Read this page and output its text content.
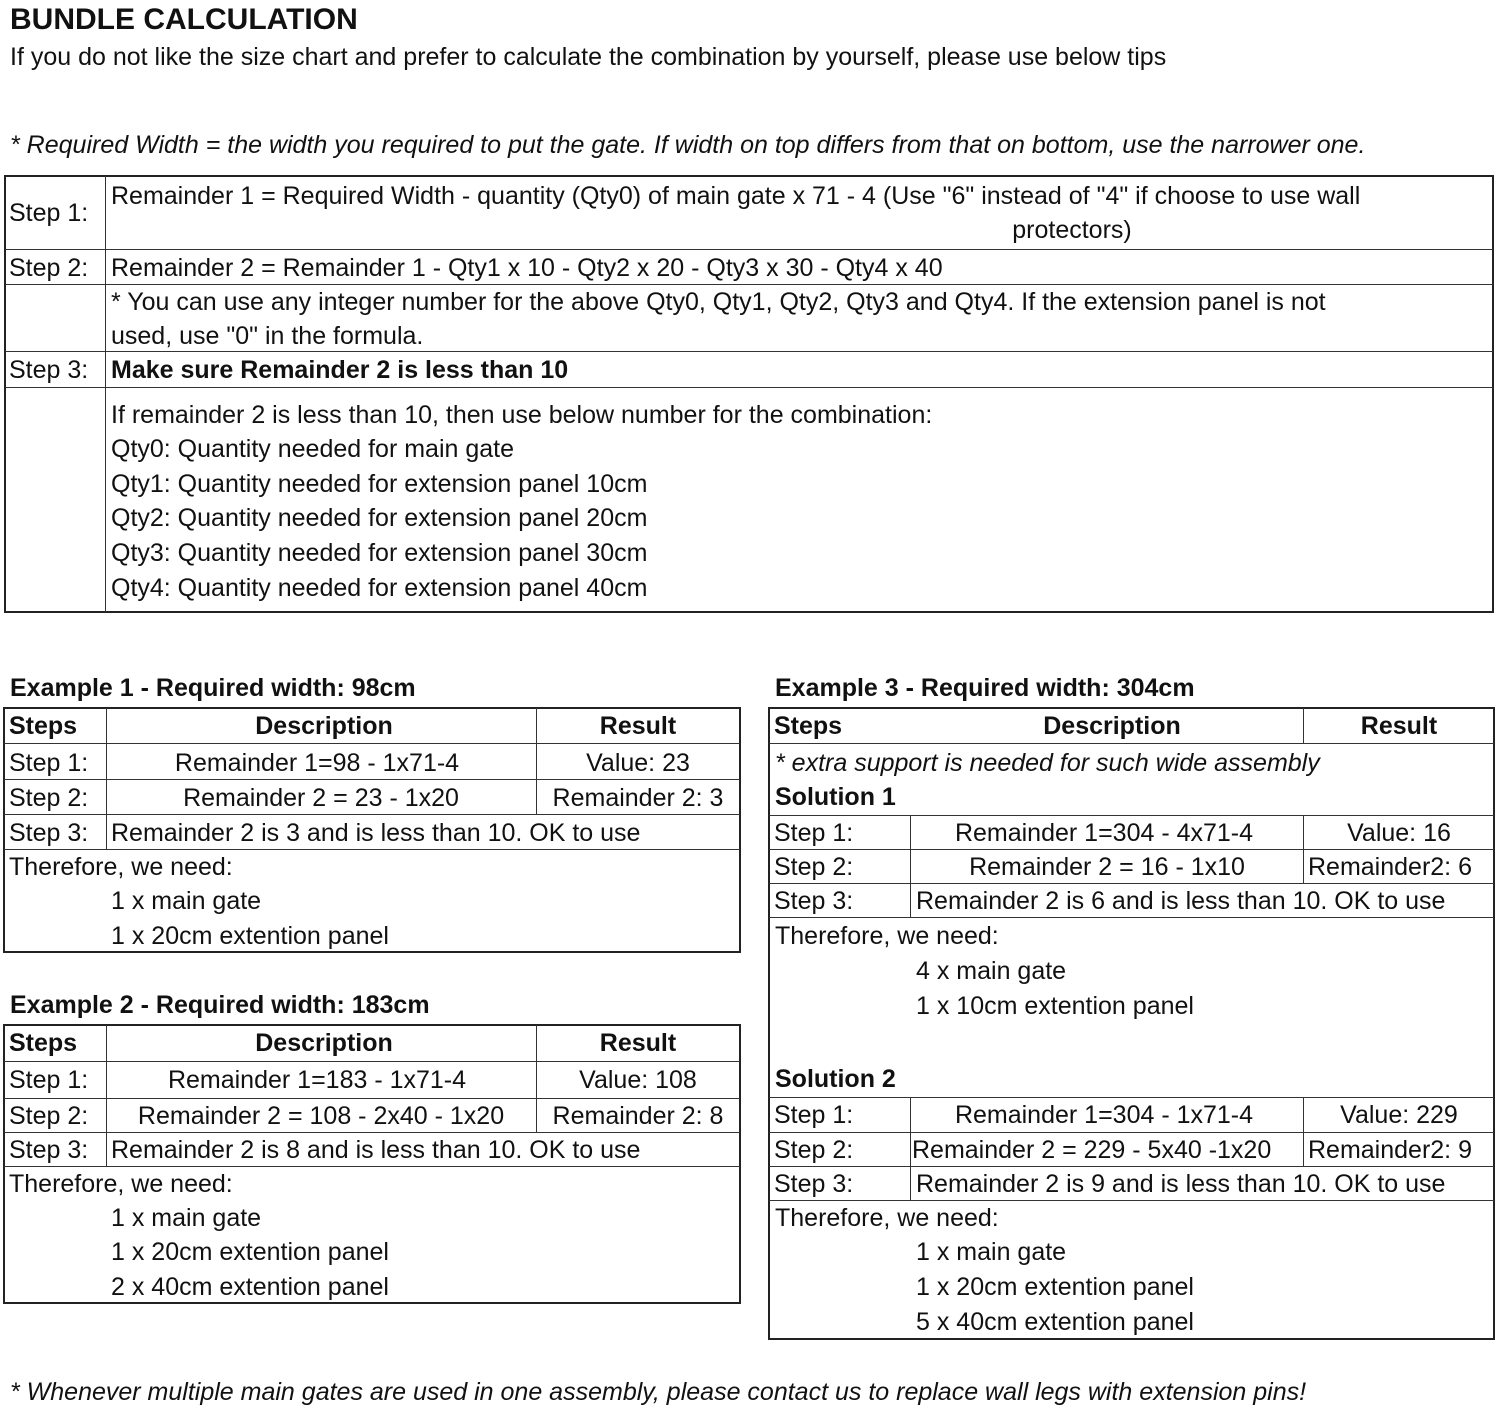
BUNDLE CALCULATION
If you do not like the size chart and prefer to calculate the combination by yourself, please use below tips
* Required Width = the width you required to put the gate. If width on top differs from that on bottom, use the narrower one.
Step 1:
Remainder 1 = Required Width - quantity (Qty0) of main gate x 71 - 4 (Use "6" instead of "4" if choose to use wall
protectors)
Step 2: Remainder 2 = Remainder 1 - Qty1 x 10 - Qty2 x 20 - Qty3 x 30 - Qty4 x 40
* You can use any integer number for the above Qty0, Qty1, Qty2, Qty3 and Qty4. If the extension panel is not
used, use "0" in the formula.
Step 3: Make sure Remainder 2 is less than 10
If remainder 2 is less than 10, then use below number for the combination:
Qty0: Quantity needed for main gate
Qty1: Quantity needed for extension panel 10cm
Qty2: Quantity needed for extension panel 20cm
Qty3: Quantity needed for extension panel 30cm
Qty4: Quantity needed for extension panel 40cm
Example 1 - Required width: 98cm
Steps	Description	Result
Step 1:	Remainder 1=98 - 1x71-4	Value: 23
Step 2:	Remainder 2 = 23 - 1x20	Remainder 2: 3
Step 3: Remainder 2 is 3 and is less than 10. OK to use
Therefore, we need:
1 x main gate
1 x 20cm extention panel
Example 2 - Required width: 183cm
Steps	Description	Result
Step 1:	Remainder 1=183 - 1x71-4	Value: 108
Step 2: Remainder 2 = 108 - 2x40 - 1x20 Remainder 2: 8
Step 3: Remainder 2 is 8 and is less than 10. OK to use
Therefore, we need:
1 x main gate
1 x 20cm extention panel
2 x 40cm extention panel
Example 3 - Required width: 304cm
Steps	Description	Result
* extra support is needed for such wide assembly
Solution 1
Step 1:	Remainder 1=304 - 4x71-4	Value: 16
Step 2:	Remainder 2 = 16 - 1x10	Remainder2: 6
Step 3:	Remainder 2 is 6 and is less than 10. OK to use
Therefore, we need:
4 x main gate
1 x 10cm extention panel
Solution 2
Step 1:	Remainder 1=304 - 1x71-4	Value: 229
Step 2: Remainder 2 = 229 - 5x40 -1x20	Remainder2: 9
Step 3:	Remainder 2 is 9 and is less than 10. OK to use
Therefore, we need:
1 x main gate
1 x 20cm extention panel
5 x 40cm extention panel
* Whenever multiple main gates are used in one assembly, please contact us to replace wall legs with extension pins!
